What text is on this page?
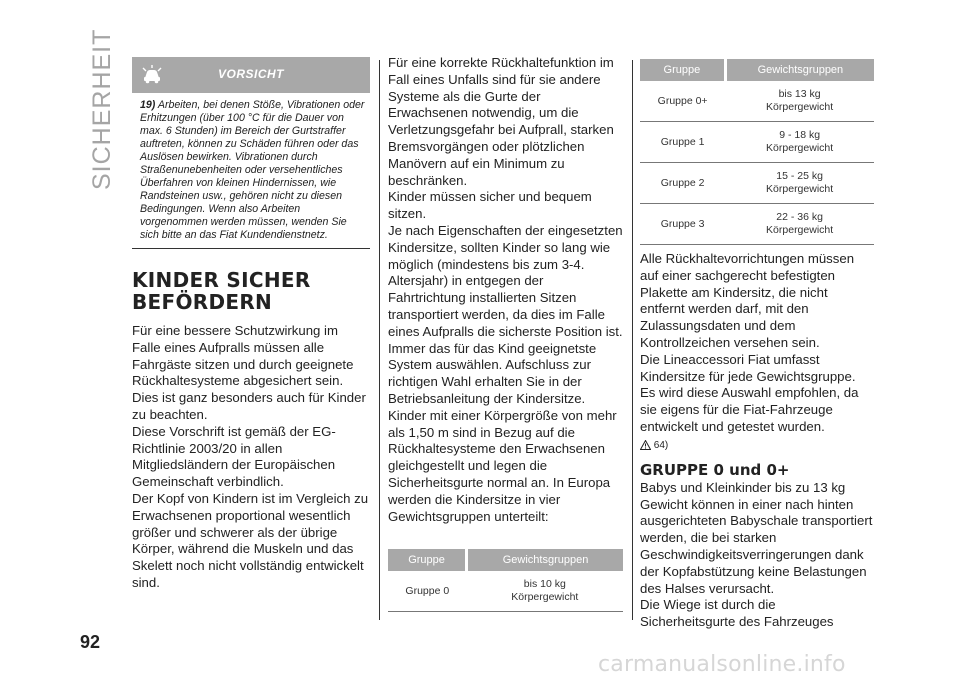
SICHERHEIT
92
VORSICHT
19) Arbeiten, bei denen Stöße, Vibrationen oder Erhitzungen (über 100 °C für die Dauer von max. 6 Stunden) im Bereich der Gurtstraffer auftreten, können zu Schäden führen oder das Auslösen bewirken. Vibrationen durch Straßenunebenheiten oder versehentliches Überfahren von kleinen Hindernissen, wie Randsteinen usw., gehören nicht zu diesen Bedingungen. Wenn also Arbeiten vorgenommen werden müssen, wenden Sie sich bitte an das Fiat Kundendienstnetz.
KINDER SICHER
BEFÖRDERN

Für eine bessere Schutzwirkung im Falle eines Aufpralls müssen alle Fahrgäste sitzen und durch geeignete Rückhaltesysteme abgesichert sein.

Dies ist ganz besonders auch für Kinder zu beachten.

Diese Vorschrift ist gemäß der EG-Richtlinie 2003/20 in allen Mitgliedsländern der Europäischen Gemeinschaft verbindlich.

Der Kopf von Kindern ist im Vergleich zu Erwachsenen proportional wesentlich größer und schwerer als der übrige Körper, während die Muskeln und das Skelett noch nicht vollständig entwickelt sind.

Für eine korrekte Rückhaltefunktion im Fall eines Unfalls sind für sie andere Systeme als die Gurte der Erwachsenen notwendig, um die Verletzungsgefahr bei Aufprall, starken Bremsvorgängen oder plötzlichen Manövern auf ein Minimum zu beschränken.

Kinder müssen sicher und bequem sitzen.

Je nach Eigenschaften der eingesetzten Kindersitze, sollten Kinder so lang wie möglich (mindestens bis zum 3-4. Altersjahr) in entgegen der Fahrtrichtung installierten Sitzen transportiert werden, da dies im Falle eines Aufpralls die sicherste Position ist.

Immer das für das Kind geeignetste System auswählen. Aufschluss zur richtigen Wahl erhalten Sie in der Betriebsanleitung der Kindersitze.

Kinder mit einer Körpergröße von mehr als 1,50 m sind in Bezug auf die Rückhaltesysteme den Erwachsenen gleichgestellt und legen die Sicherheitsgurte normal an. In Europa werden die Kindersitze in vier Gewichtsgruppen unterteilt:

Gruppe	Gewichtsgruppen
Gruppe 0	bis 10 kg
Körpergewicht
Gruppe	Gewichtsgruppen
Gruppe 0+	bis 13 kg
Körpergewicht
Gruppe 1	9 - 18 kg
Körpergewicht
Gruppe 2	15 - 25 kg
Körpergewicht
Gruppe 3	22 - 36 kg
Körpergewicht

Alle Rückhaltevorrichtungen müssen auf einer sachgerecht befestigten Plakette am Kindersitz, die nicht entfernt werden darf, mit den Zulassungsdaten und dem Kontrollzeichen versehen sein.

Die Lineaccessori Fiat umfasst Kindersitze für jede Gewichtsgruppe. Es wird diese Auswahl empfohlen, da sie eigens für die Fiat-Fahrzeuge entwickelt und getestet wurden.

64)
GRUPPE 0 und 0+

Babys und Kleinkinder bis zu 13 kg Gewicht können in einer nach hinten ausgerichteten Babyschale transportiert werden, die bei starken Geschwindigkeitsverringerungen dank der Kopfabstützung keine Belastungen des Halses verursacht.

Die Wiege ist durch die Sicherheitsgurte des Fahrzeuges

carmanualsonline.info
